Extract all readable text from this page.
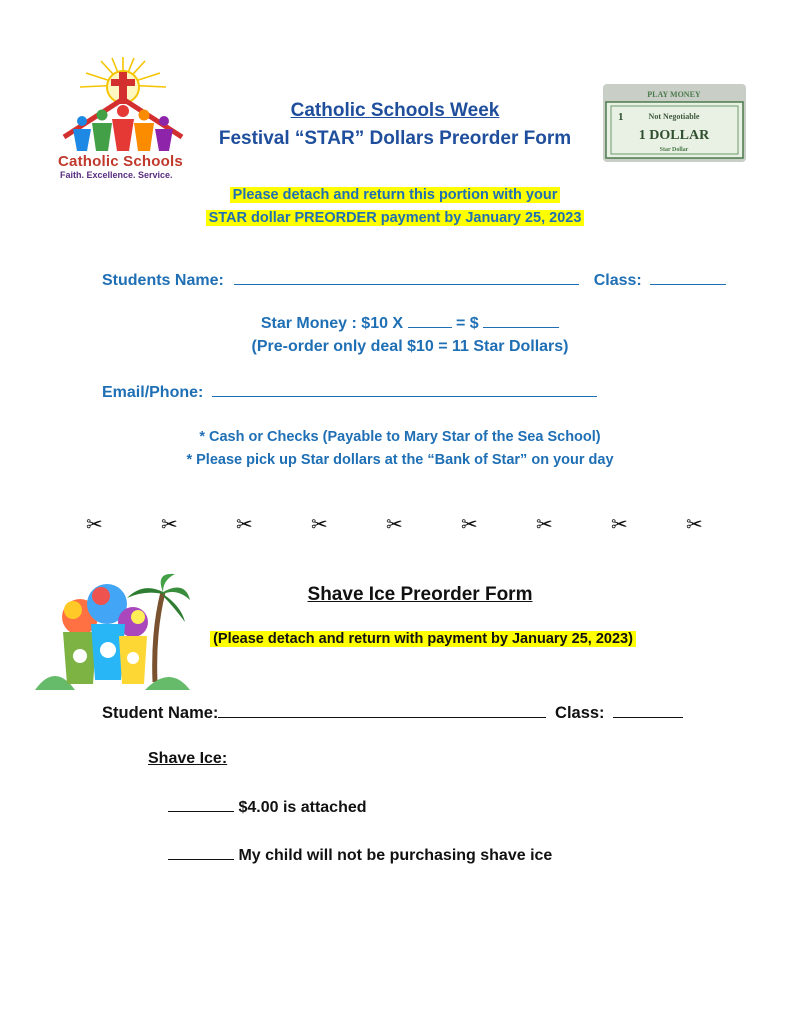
Catholic Schools
Faith. Excellence. Service.
Catholic Schools Week
Festival “STAR” Dollars Preorder Form
PLAY MONEY
Not Negotiable
1 DOLLAR
Star Dollar
1
Please detach and return this portion with your
STAR dollar PREORDER payment by January 25, 2023
Students Name:	Class:
Star Money : $10 X	= $
(Pre-order only deal $10 = 11 Star Dollars)
Email/Phone:
* Cash or Checks (Payable to Mary Star of the Sea School)
* Please pick up Star dollars at the “Bank of Star” on your day
✂	✂	✂	✂	✂	✂	✂	✂	✂
Shave Ice Preorder Form
(Please detach and return with payment by January 25, 2023)
Student Name:	Class:
Shave Ice:
$4.00 is attached
My child will not be purchasing shave ice
